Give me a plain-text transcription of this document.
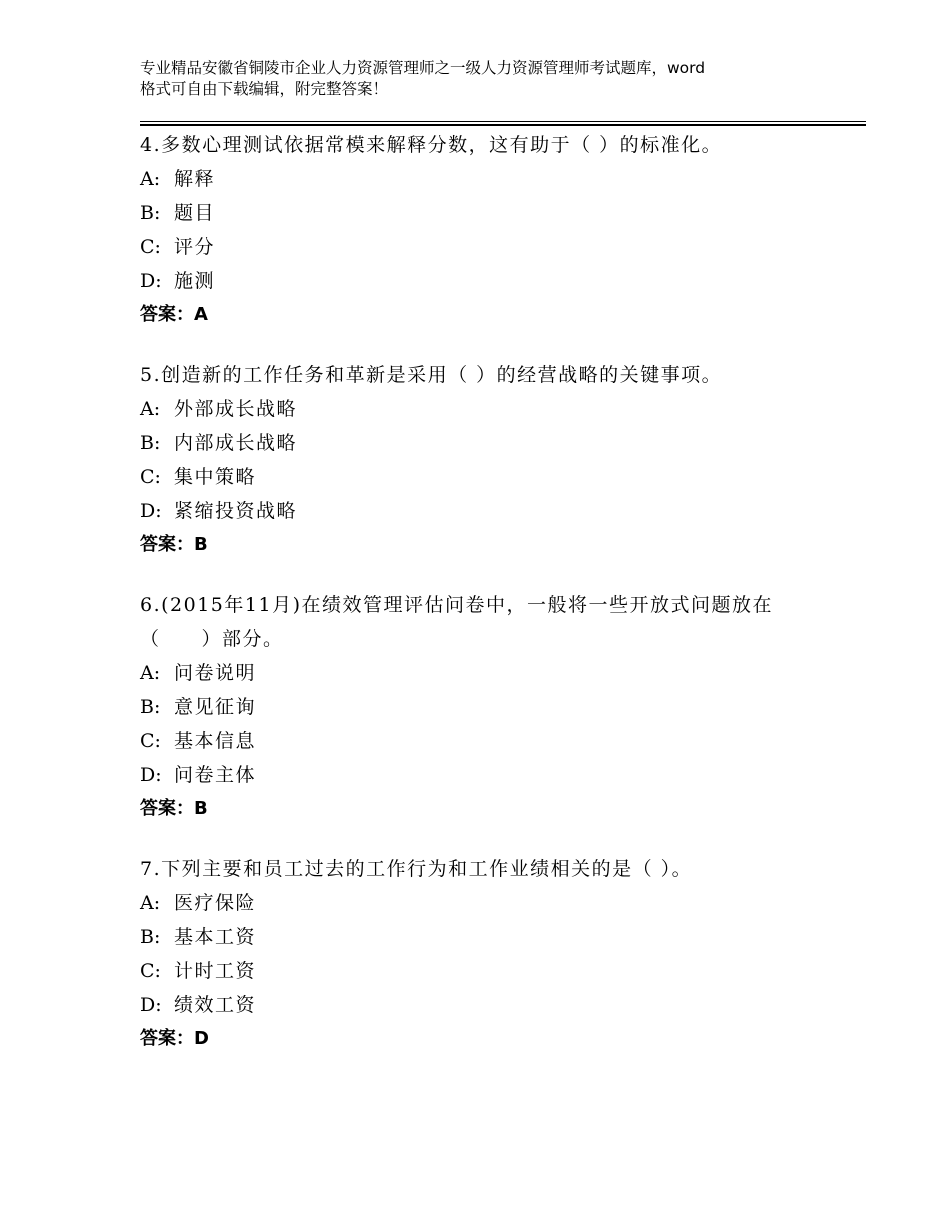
专业精品安徽省铜陵市企业人力资源管理师之一级人力资源管理师考试题库，word
格式可自由下载编辑，附完整答案！
4.多数心理测试依据常模来解释分数，这有助于（ ）的标准化。
A: 解释
B: 题目
C: 评分
D: 施测
答案：A
5.创造新的工作任务和革新是采用（ ）的经营战略的关键事项。
A: 外部成长战略
B: 内部成长战略
C: 集中策略
D: 紧缩投资战略
答案：B
6.(2015年11月)在绩效管理评估问卷中，一般将一些开放式问题放在
（　　）部分。
A: 问卷说明
B: 意见征询
C: 基本信息
D: 问卷主体
答案：B
7.下列主要和员工过去的工作行为和工作业绩相关的是（ ）。
A: 医疗保险
B: 基本工资
C: 计时工资
D: 绩效工资
答案：D
